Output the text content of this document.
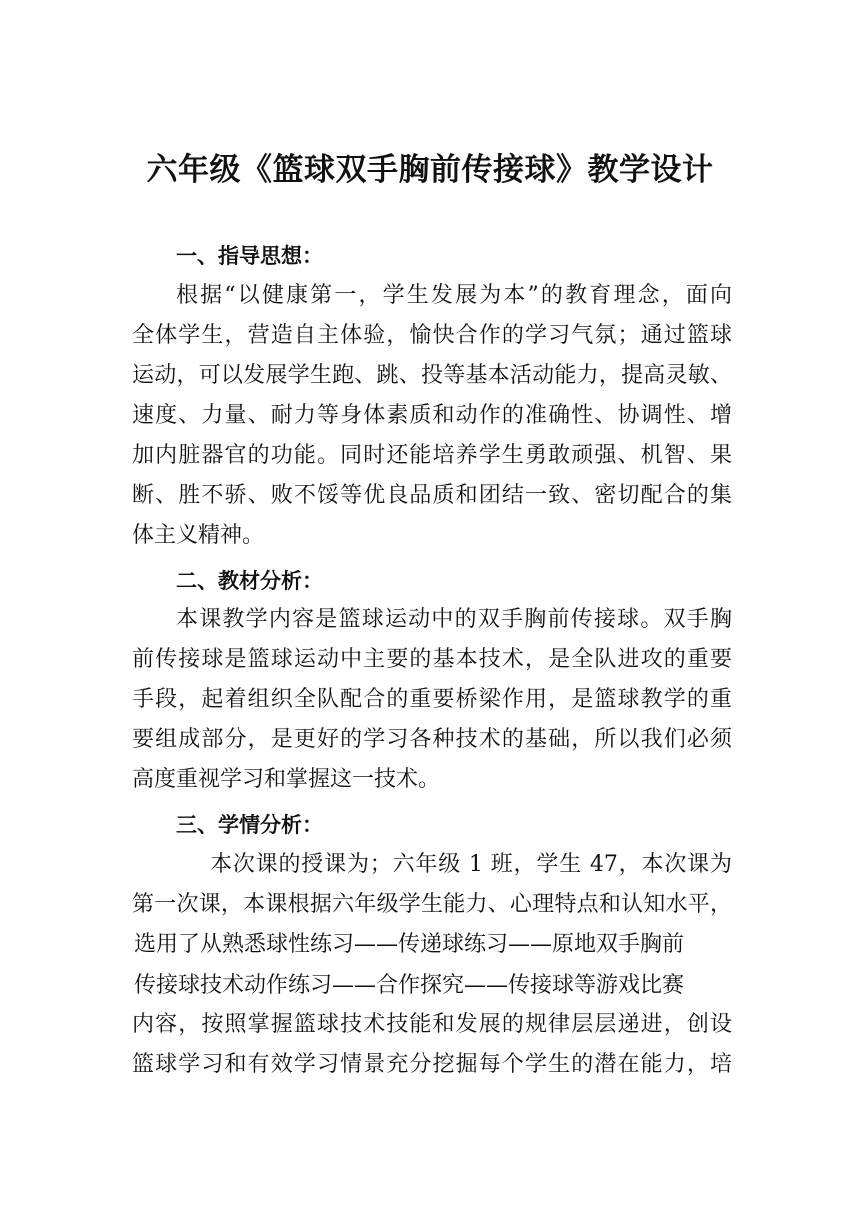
六年级《篮球双手胸前传接球》教学设计
一、指导思想：
根据“以健康第一，学生发展为本”的教育理念，面向
全体学生，营造自主体验，愉快合作的学习气氛；通过篮球
运动，可以发展学生跑、跳、投等基本活动能力，提高灵敏、
速度、力量、耐力等身体素质和动作的准确性、协调性、增
加内脏器官的功能。同时还能培养学生勇敢顽强、机智、果
断、胜不骄、败不馁等优良品质和团结一致、密切配合的集
体主义精神。
二、教材分析：
本课教学内容是篮球运动中的双手胸前传接球。双手胸
前传接球是篮球运动中主要的基本技术，是全队进攻的重要
手段，起着组织全队配合的重要桥梁作用，是篮球教学的重
要组成部分，是更好的学习各种技术的基础，所以我们必须
高度重视学习和掌握这一技术。
三、学情分析：
本次课的授课为；六年级 1 班，学生 47，本次课为
第一次课，本课根据六年级学生能力、心理特点和认知水平，
选用了从熟悉球性练习——传递球练习——原地双手胸前
传接球技术动作练习——合作探究——传接球等游戏比赛
内容，按照掌握篮球技术技能和发展的规律层层递进，创设
篮球学习和有效学习情景充分挖掘每个学生的潜在能力，培
